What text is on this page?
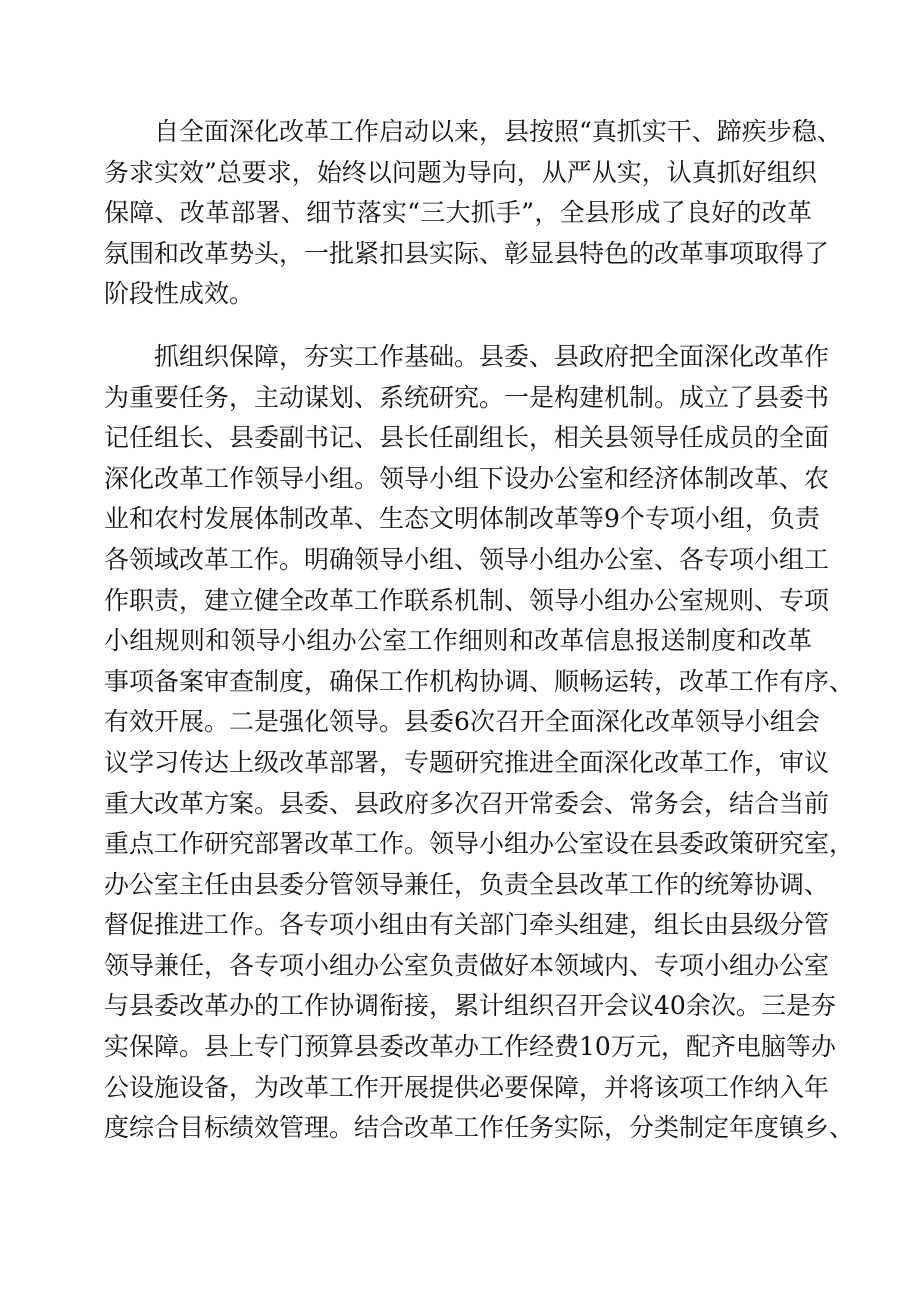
自全面深化改革工作启动以来，县按照“真抓实干、蹄疾步稳、
务求实效”总要求，始终以问题为导向，从严从实，认真抓好组织
保障、改革部署、细节落实“三大抓手”，全县形成了良好的改革
氛围和改革势头，一批紧扣县实际、彰显县特色的改革事项取得了
阶段性成效。
抓组织保障，夯实工作基础。县委、县政府把全面深化改革作
为重要任务，主动谋划、系统研究。一是构建机制。成立了县委书
记任组长、县委副书记、县长任副组长，相关县领导任成员的全面
深化改革工作领导小组。领导小组下设办公室和经济体制改革、农
业和农村发展体制改革、生态文明体制改革等9个专项小组，负责
各领域改革工作。明确领导小组、领导小组办公室、各专项小组工
作职责，建立健全改革工作联系机制、领导小组办公室规则、专项
小组规则和领导小组办公室工作细则和改革信息报送制度和改革
事项备案审查制度，确保工作机构协调、顺畅运转，改革工作有序、
有效开展。二是强化领导。县委6次召开全面深化改革领导小组会
议学习传达上级改革部署，专题研究推进全面深化改革工作，审议
重大改革方案。县委、县政府多次召开常委会、常务会，结合当前
重点工作研究部署改革工作。领导小组办公室设在县委政策研究室，
办公室主任由县委分管领导兼任，负责全县改革工作的统筹协调、
督促推进工作。各专项小组由有关部门牵头组建，组长由县级分管
领导兼任，各专项小组办公室负责做好本领域内、专项小组办公室
与县委改革办的工作协调衔接，累计组织召开会议40余次。三是夯
实保障。县上专门预算县委改革办工作经费10万元，配齐电脑等办
公设施设备，为改革工作开展提供必要保障，并将该项工作纳入年
度综合目标绩效管理。结合改革工作任务实际，分类制定年度镇乡、
